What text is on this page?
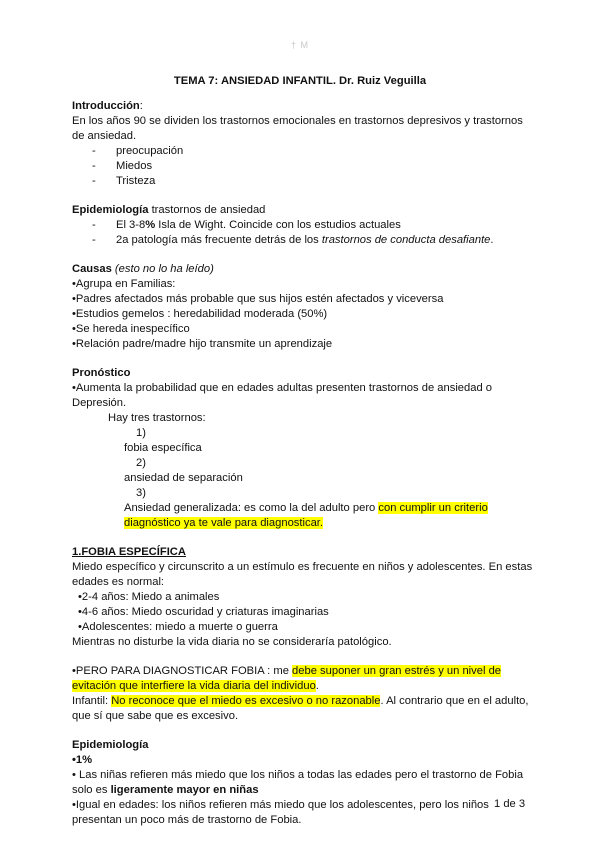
† M
TEMA 7: ANSIEDAD INFANTIL. Dr. Ruiz Veguilla

Introducción:

En los años 90 se dividen los trastornos emocionales en trastornos depresivos y trastornos de ansiedad.

- preocupación

- Miedos

- Tristeza

Epidemiología trastornos de ansiedad

- El 3-8% Isla de Wight. Coincide con los estudios actuales

- 2a patología más frecuente detrás de los trastornos de conducta desafiante.

Causas (esto no lo ha leído)

•Agrupa en Familias:

•Padres afectados más probable que sus hijos estén afectados y viceversa

•Estudios gemelos : heredabilidad moderada (50%)

•Se hereda inespecífico

•Relación padre/madre hijo transmite un aprendizaje

Pronóstico

•Aumenta la probabilidad que en edades adultas presenten trastornos de ansiedad o Depresión.

Hay tres trastornos:

1)fobia específica

2)ansiedad de separación

3)Ansiedad generalizada: es como la del adulto pero con cumplir un criterio diagnóstico ya te vale para diagnosticar.

1.FOBIA ESPECÍFICA

Miedo específico y circunscrito a un estímulo es frecuente en niños y adolescentes. En estas edades es normal:

•2-4 años: Miedo a animales

•4-6 años: Miedo oscuridad y criaturas imaginarias

•Adolescentes: miedo a muerte o guerra

Mientras no disturbe la vida diaria no se consideraría patológico.

•PERO PARA DIAGNOSTICAR FOBIA : me debe suponer un gran estrés y un nivel de evitación que interfiere la vida diaria del individuo.

Infantil: No reconoce que el miedo es excesivo o no razonable. Al contrario que en el adulto, que sí que sabe que es excesivo.

Epidemiología

•1%

• Las niñas refieren más miedo que los niños a todas las edades pero el trastorno de Fobia solo es ligeramente mayor en niñas

•Igual en edades: los niños refieren más miedo que los adolescentes, pero los niños presentan un poco más de trastorno de Fobia.

1 de 3
